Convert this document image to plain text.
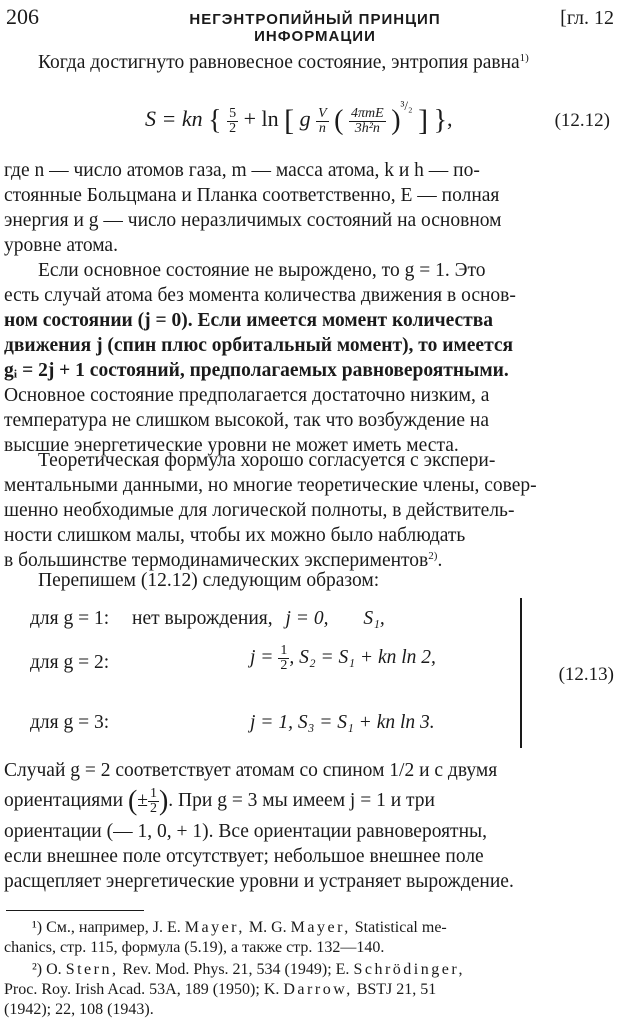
206	НЕГЭНТРОПИЙНЫЙ ПРИНЦИП ИНФОРМАЦИИ
[гл. 12
Когда достигнуто равновесное состояние, энтропия равна$^{1)}$
S = kn { $\frac{5}{2} + \ln$ [ g $\frac{V}{n}$ ( $\frac{\text{4πmE}}{\text{3h²n}} )^{^3/_2}$ ] },	(12.12)
где n — число атомов газа, m — масса атома, k и h — по-
стоянные Больцмана и Планка соответственно, E — полная
энергия и g — число неразличимых состояний на основном
уровне атома.
Если основное состояние не вырождено, то g = 1. Это
есть случай атома без момента количества движения в основ-
ном состоянии (j = 0). Если имеется момент количества
движения j (спин плюс орбитальный момент), то имеется
gᵢ = 2j + 1 состояний, предполагаемых равновероятными.
Основное состояние предполагается достаточно низким, а
температура не слишком высокой, так что возбуждение на
высшие энергетические уровни не может иметь места.
Теоретическая формула хорошо согласуется с экспери-
ментальными данными, но многие теоретические члены, совер-
шенно необходимые для логической полноты, в действитель-
ности слишком малы, чтобы их можно было наблюдать
в большинстве термодинамических экспериментов$^{2)}$.
Перепишем (12.12) следующим образом:
для g = 1: нет вырождения, j = 0, S₁,
для g = 2:	$j = \frac{1}{2}$ , S₂ = S₁ + kn ln 2,
для g = 3:	j = 1, S₃ = S₁ + kn ln 3.
(12.13)
Случай g = 2 соответствует атомам со спином 1/2 и с двумя
ориентациями (± $\frac{1}{2}$ ). При g = 3 мы имеем j = 1 и три
ориентации (— 1, 0, + 1). Все ориентации равновероятны,
если внешнее поле отсутствует; небольшое внешнее поле
расщепляет энергетические уровни и устраняет вырождение.
¹) См., например, J. E. Mayer, M. G. Mayer, Statistical me-
chanics, стр. 115, формула (5.19), а также стр. 132—140.
²) O. Stern, Rev. Mod. Phys. 21, 534 (1949); E. Schrödinger,
Proc. Roy. Irish Acad. 53A, 189 (1950); K. Darrow, BSTJ 21, 51
(1942); 22, 108 (1943).
